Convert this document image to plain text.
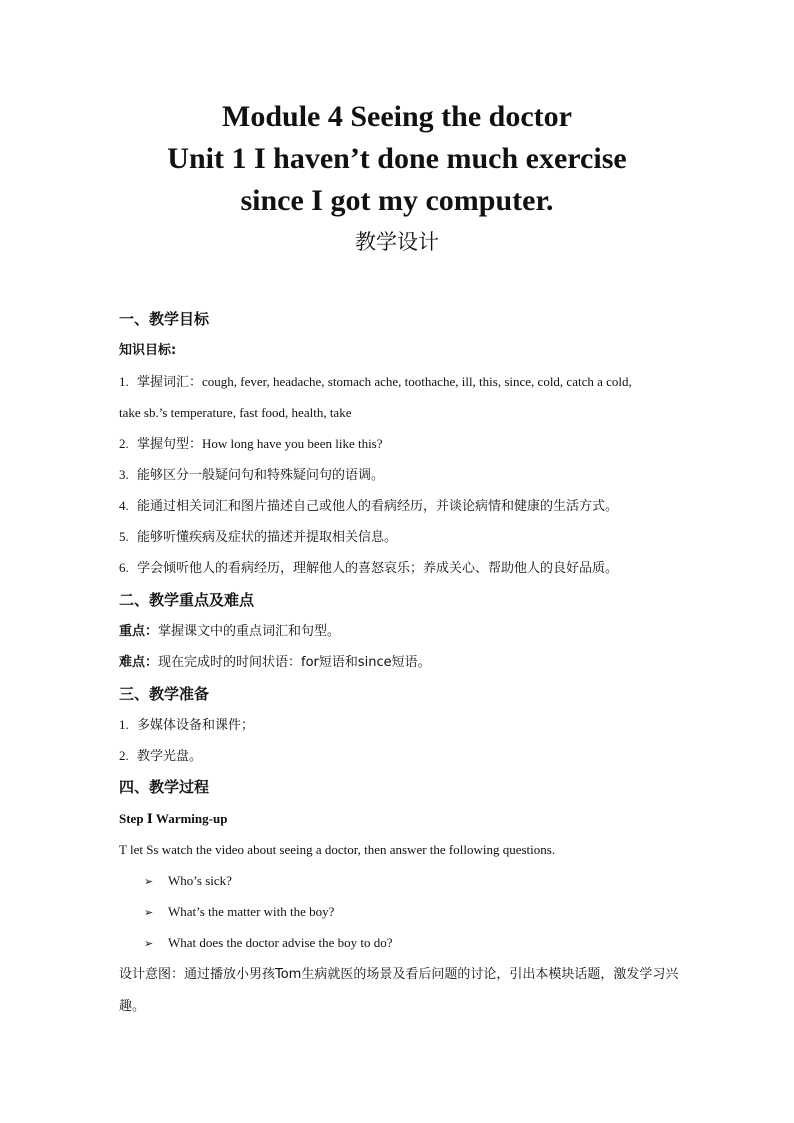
Module 4 Seeing the doctor
Unit 1 I haven’t done much exercise
since I got my computer.
教学设计
一、教学目标
知识目标:
1. 掌握词汇：cough, fever, headache, stomach ache, toothache, ill, this, since, cold, catch a cold,
take sb.’s temperature, fast food, health, take
2. 掌握句型：How long have you been like this?
3. 能够区分一般疑问句和特殊疑问句的语调。
4. 能通过相关词汇和图片描述自己或他人的看病经历，并谈论病情和健康的生活方式。
5. 能够听懂疾病及症状的描述并提取相关信息。
6. 学会倾听他人的看病经历，理解他人的喜怒哀乐；养成关心、帮助他人的良好品质。
二、教学重点及难点
重点：掌握课文中的重点词汇和句型。
难点：现在完成时的时间状语：for短语和since短语。
三、教学准备
1. 多媒体设备和课件；
2. 教学光盘。
四、教学过程
Step Ⅰ Warming-up
T let Ss watch the video about seeing a doctor, then answer the following questions.
➢ Who’s sick?
➢ What’s the matter with the boy?
➢ What does the doctor advise the boy to do?
设计意图：通过播放小男孩Tom生病就医的场景及看后问题的讨论，引出本模块话题，激发学习兴趣。
